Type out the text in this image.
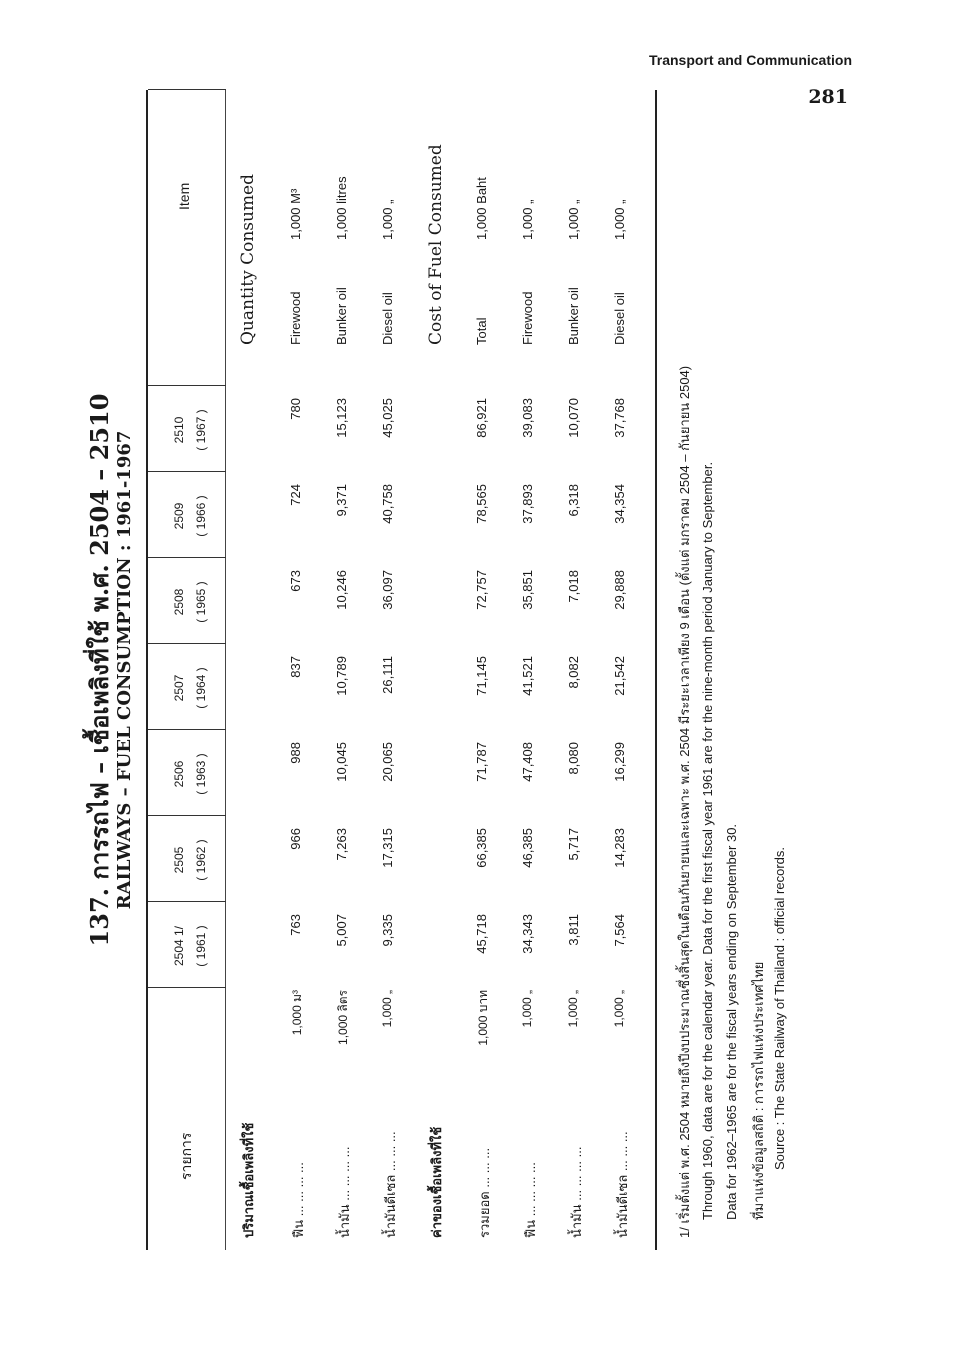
Transport and Communication
281
137. การรถไฟ – เชื้อเพลิงที่ใช้ พ.ศ. 2504 – 2510 RAILWAYS – FUEL CONSUMPTION : 1961-1967
รายการ
Item
2504 1/ ( 1961 )
2505 ( 1962 )
2506 ( 1963 )
2507 ( 1964 )
2508 ( 1965 )
2509 ( 1966 )
2510 ( 1967 )
ปริมาณเชื้อเพลิงที่ใช้
Quantity Consumed
ฟืน ... ... ... ...
1,000 ม³
763
966
988
837
673
724
780
Firewood
1,000 M³
น้ำมัน ... ... ... ...
1,000 ลิตร
5,007
7,263
10,045
10,789
10,246
9,371
15,123
Bunker oil
1,000 litres
น้ำมันดีเซล ... ... ...
1,000 „
9,335
17,315
20,065
26,111
36,097
40,758
45,025
Diesel oil
1,000 „
ค่าของเชื้อเพลิงที่ใช้
Cost of Fuel Consumed
รวมยอด ... ... ...
1,000 บาท
45,718
66,385
71,787
71,145
72,757
78,565
86,921
Total
1,000 Baht
ฟืน ... ... ... ...
1,000 „
34,343
46,385
47,408
41,521
35,851
37,893
39,083
Firewood
1,000 „
น้ำมัน ... ... ... ...
1,000 „
3,811
5,717
8,080
8,082
7,018
6,318
10,070
Bunker oil
1,000 „
น้ำมันดีเซล ... ... ...
1,000 „
7,564
14,283
16,299
21,542
29,888
34,354
37,768
Diesel oil
1,000 „
1/ เริ่มตั้งแต่ พ.ศ. 2504 หมายถึงปีงบประมาณซึ่งสิ้นสุดในเดือนกันยายนและเฉพาะ พ.ศ. 2504 มีระยะเวลาเพียง 9 เดือน (ตั้งแต่ มกราคม 2504 – กันยายน 2504) Through 1960, data are for the calendar year. Data for the first fiscal year 1961 are for the nine-month period January to September. Data for 1962–1965 are for the fiscal years ending on September 30. ที่มาแห่งข้อมูลสถิติ : การรถไฟแห่งประเทศไทย Source : The State Railway of Thailand : official records.
